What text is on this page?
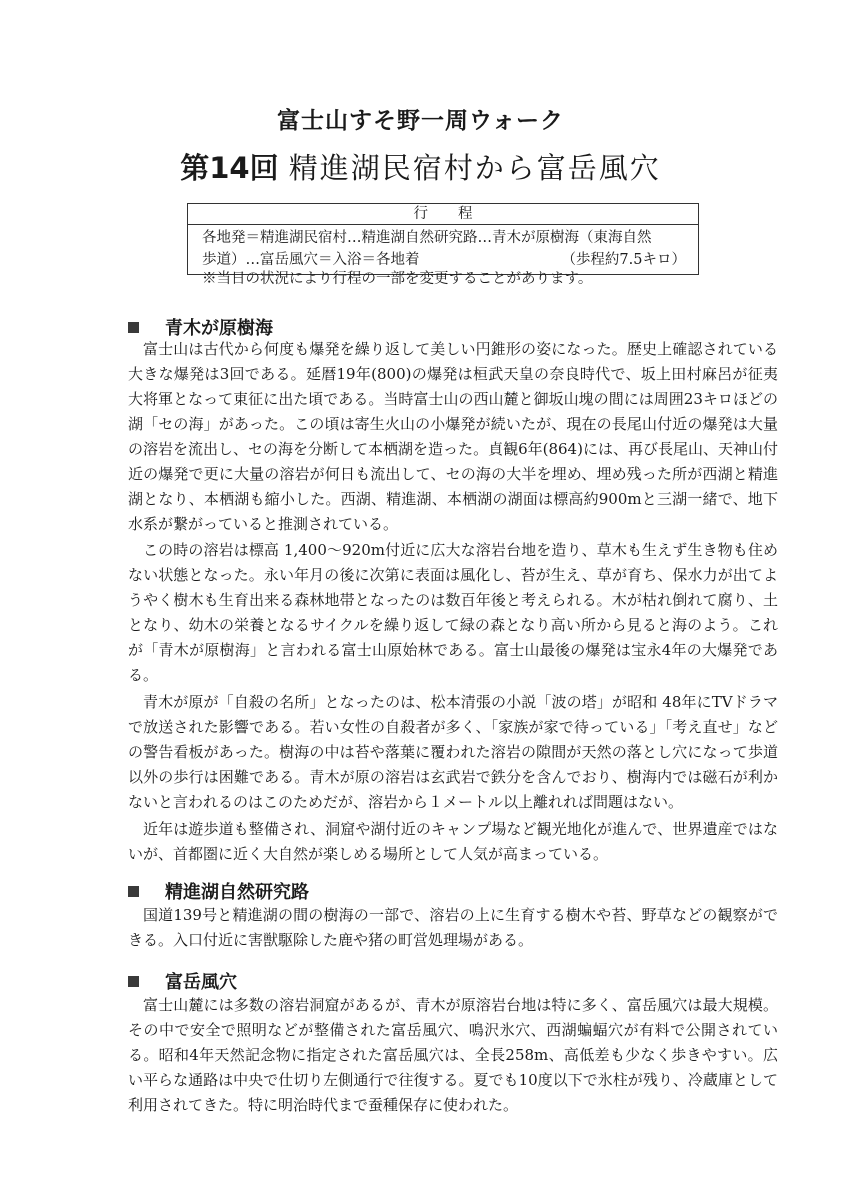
富士山すそ野一周ウォーク
第14回 精進湖民宿村から富岳風穴
行程
各地発＝精進湖民宿村…精進湖自然研究路…青木が原樹海（東海自然
歩道）…富岳風穴＝入浴＝各地着	（歩程約7.5キロ）
※当日の状況により行程の一部を変更することがあります。
青木が原樹海
富士山は古代から何度も爆発を繰り返して美しい円錐形の姿になった。歴史上確認されている大きな爆発は3回である。延暦19年(800)の爆発は桓武天皇の奈良時代で、坂上田村麻呂が征夷大将軍となって東征に出た頃である。当時富士山の西山麓と御坂山塊の間には周囲23キロほどの湖「セの海」があった。この頃は寄生火山の小爆発が続いたが、現在の長尾山付近の爆発は大量の溶岩を流出し、セの海を分断して本栖湖を造った。貞観6年(864)には、再び長尾山、天神山付近の爆発で更に大量の溶岩が何日も流出して、セの海の大半を埋め、埋め残った所が西湖と精進湖となり、本栖湖も縮小した。西湖、精進湖、本栖湖の湖面は標高約900mと三湖一緒で、地下水系が繋がっていると推測されている。
この時の溶岩は標高 1,400～920m付近に広大な溶岩台地を造り、草木も生えず生き物も住めない状態となった。永い年月の後に次第に表面は風化し、苔が生え、草が育ち、保水力が出てようやく樹木も生育出来る森林地帯となったのは数百年後と考えられる。木が枯れ倒れて腐り、土となり、幼木の栄養となるサイクルを繰り返して緑の森となり高い所から見ると海のよう。これが「青木が原樹海」と言われる富士山原始林である。富士山最後の爆発は宝永4年の大爆発である。
青木が原が「自殺の名所」となったのは、松本清張の小説「波の塔」が昭和 48年にTVドラマで放送された影響である。若い女性の自殺者が多く、「家族が家で待っている」「考え直せ」などの警告看板があった。樹海の中は苔や落葉に覆われた溶岩の隙間が天然の落とし穴になって歩道以外の歩行は困難である。青木が原の溶岩は玄武岩で鉄分を含んでおり、樹海内では磁石が利かないと言われるのはこのためだが、溶岩から１メートル以上離れれば問題はない。
近年は遊歩道も整備され、洞窟や湖付近のキャンプ場など観光地化が進んで、世界遺産ではないが、首都圏に近く大自然が楽しめる場所として人気が高まっている。
精進湖自然研究路
国道139号と精進湖の間の樹海の一部で、溶岩の上に生育する樹木や苔、野草などの観察ができる。入口付近に害獣駆除した鹿や猪の町営処理場がある。
富岳風穴
富士山麓には多数の溶岩洞窟があるが、青木が原溶岩台地は特に多く、富岳風穴は最大規模。その中で安全で照明などが整備された富岳風穴、鳴沢氷穴、西湖蝙蝠穴が有料で公開されている。昭和4年天然記念物に指定された富岳風穴は、全長258m、高低差も少なく歩きやすい。広い平らな通路は中央で仕切り左側通行で往復する。夏でも10度以下で氷柱が残り、冷蔵庫として利用されてきた。特に明治時代まで蚕種保存に使われた。
